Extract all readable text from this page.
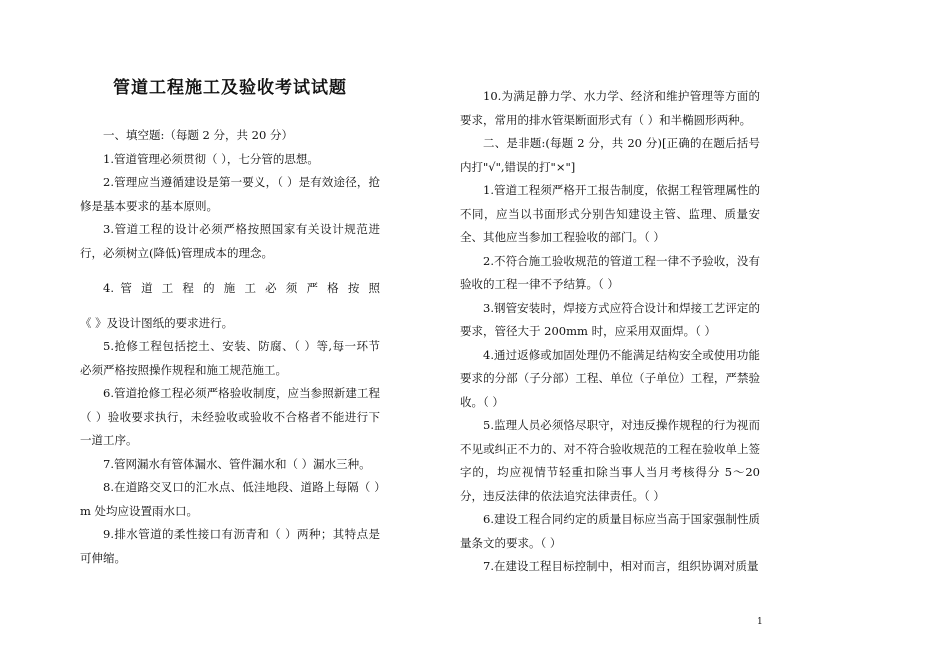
管道工程施工及验收考试试题

一、填空题:（每题 2 分，共 20 分）

1.管道管理必须贯彻（ ），七分管的思想。

2.管理应当遵循建设是第一要义，（ ）是有效途径，抢修是基本要求的基本原则。

3.管道工程的设计必须严格按照国家有关设计规范进行，必须树立(降低)管理成本的理念。

4. 管 道 工 程 的 施 工 必 须 严 格 按 照

《 》及设计图纸的要求进行。

5.抢修工程包括挖土、安装、防腐、（ ）等,每一环节必须严格按照操作规程和施工规范施工。

6.管道抢修工程必须严格验收制度，应当参照新建工程（ ）验收要求执行，未经验收或验收不合格者不能进行下一道工序。

7.管网漏水有管体漏水、管件漏水和（ ）漏水三种。

8.在道路交叉口的汇水点、低洼地段、道路上每隔（ ）m 处均应设置雨水口。

9.排水管道的柔性接口有沥青和（ ）两种；其特点是可伸缩。

10.为满足静力学、水力学、经济和维护管理等方面的要求，常用的排水管渠断面形式有（ ）和半椭圆形两种。

二、是非题:(每题 2 分，共 20 分)[正确的在题后括号内打"√",错误的打"×"]

1.管道工程须严格开工报告制度，依据工程管理属性的不同，应当以书面形式分别告知建设主管、监理、质量安全、其他应当参加工程验收的部门。（ ）

2.不符合施工验收规范的管道工程一律不予验收，没有验收的工程一律不予结算。（ ）

3.钢管安装时，焊接方式应符合设计和焊接工艺评定的要求，管径大于 200mm 时，应采用双面焊。（ ）

4.通过返修或加固处理仍不能满足结构安全或使用功能要求的分部（子分部）工程、单位（子单位）工程，严禁验收。（ ）

5.监理人员必须恪尽职守，对违反操作规程的行为视而不见或纠正不力的、对不符合验收规范的工程在验收单上签字的，均应视情节轻重扣除当事人当月考核得分 5～20 分，违反法律的依法追究法律责任。（ ）

6.建设工程合同约定的质量目标应当高于国家强制性质量条文的要求。（ ）

7.在建设工程目标控制中，相对而言，组织协调对质量

1
